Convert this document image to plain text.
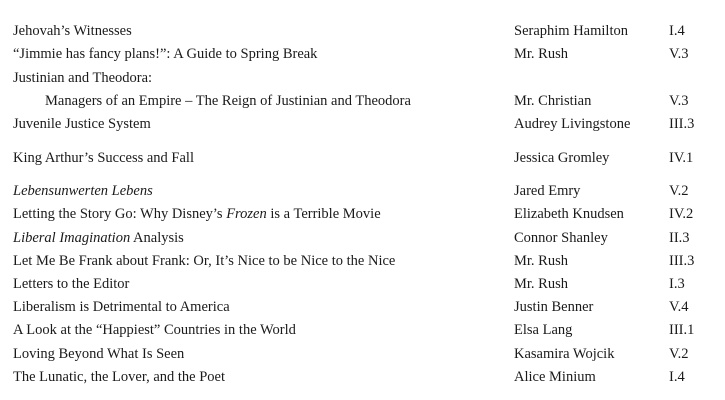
Jehovah’s Witnesses	Seraphim Hamilton	I.4
“Jimmie has fancy plans!”: A Guide to Spring Break	Mr. Rush	V.3
Justinian and Theodora:
Managers of an Empire – The Reign of Justinian and Theodora	Mr. Christian	V.3
Juvenile Justice System	Audrey Livingstone	III.3
King Arthur’s Success and Fall	Jessica Gromley	IV.1
Lebensunwerten Lebens	Jared Emry	V.2
Letting the Story Go: Why Disney’s Frozen is a Terrible Movie	Elizabeth Knudsen	IV.2
Liberal Imagination Analysis	Connor Shanley	II.3
Let Me Be Frank about Frank: Or, It’s Nice to be Nice to the Nice	Mr. Rush	III.3
Letters to the Editor	Mr. Rush	I.3
Liberalism is Detrimental to America	Justin Benner	V.4
A Look at the “Happiest” Countries in the World	Elsa Lang	III.1
Loving Beyond What Is Seen	Kasamira Wojcik	V.2
The Lunatic, the Lover, and the Poet	Alice Minium	I.4
